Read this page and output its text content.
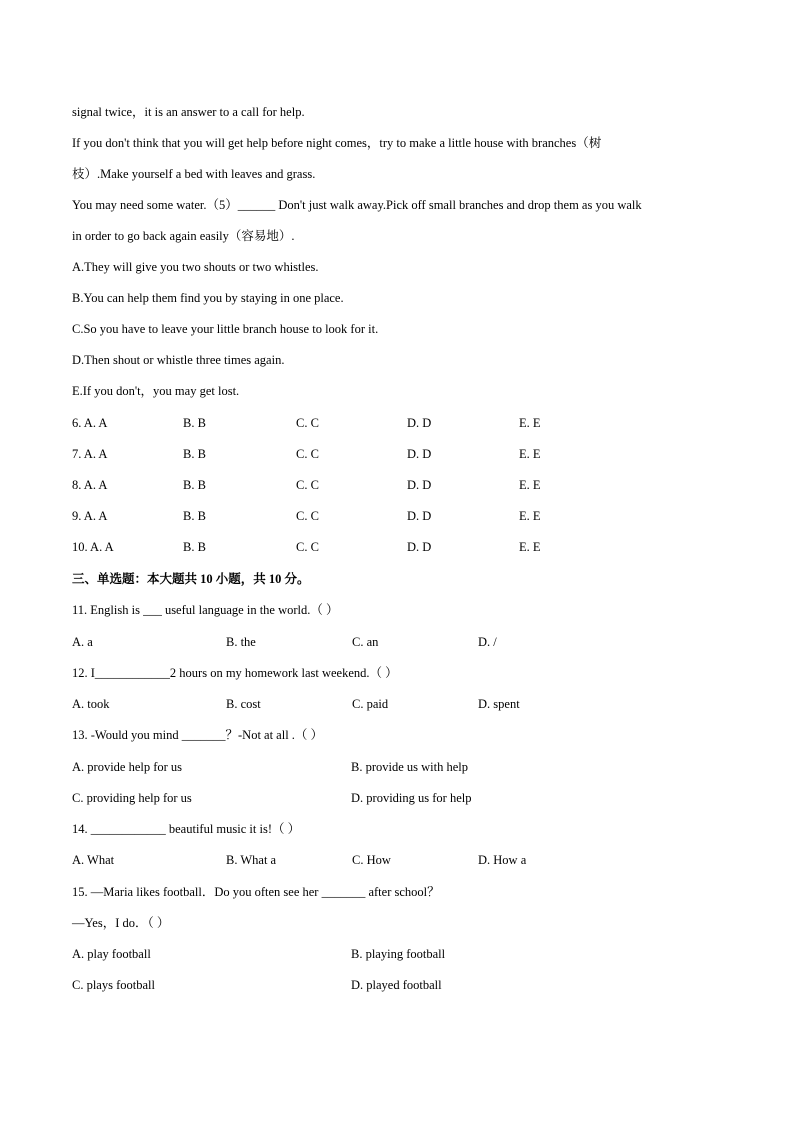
signal twice，it is an answer to a call for help.
If you don't think that you will get help before night comes，try to make a little house with branches（树
枝）.Make yourself a bed with leaves and grass.
You may need some water.（5）______ Don't just walk away.Pick off small branches and drop them as you walk
in order to go back again easily（容易地）.
A.They will give you two shouts or two whistles.
B.You can help them find you by staying in one place.
C.So you have to leave your little branch house to look for it.
D.Then shout or whistle three times again.
E.If you don't，you may get lost.
6. A. A	B. B	C. C	D. D	E. E
7. A. A	B. B	C. C	D. D	E. E
8. A. A	B. B	C. C	D. D	E. E
9. A. A	B. B	C. C	D. D	E. E
10. A. A	B. B	C. C	D. D	E. E
三、单选题：本大题共 10 小题，共 10 分。
11. English is ___ useful language in the world.（ ）
A. a	B. the	C. an	D. /
12. I____________2 hours on my homework last weekend.（ ）
A. took	B. cost	C. paid	D. spent
13. -Would you mind _______？-Not at all .（ ）
A. provide help for us	B. provide us with help
C. providing help for us	D. providing us for help
14. ____________ beautiful music it is!（ ）
A. What	B. What a	C. How	D. How a
15. —Maria likes football．Do you often see her _______ after school？
—Yes，I do．（ ）
A. play football	B. playing football
C. plays football	D. played football
